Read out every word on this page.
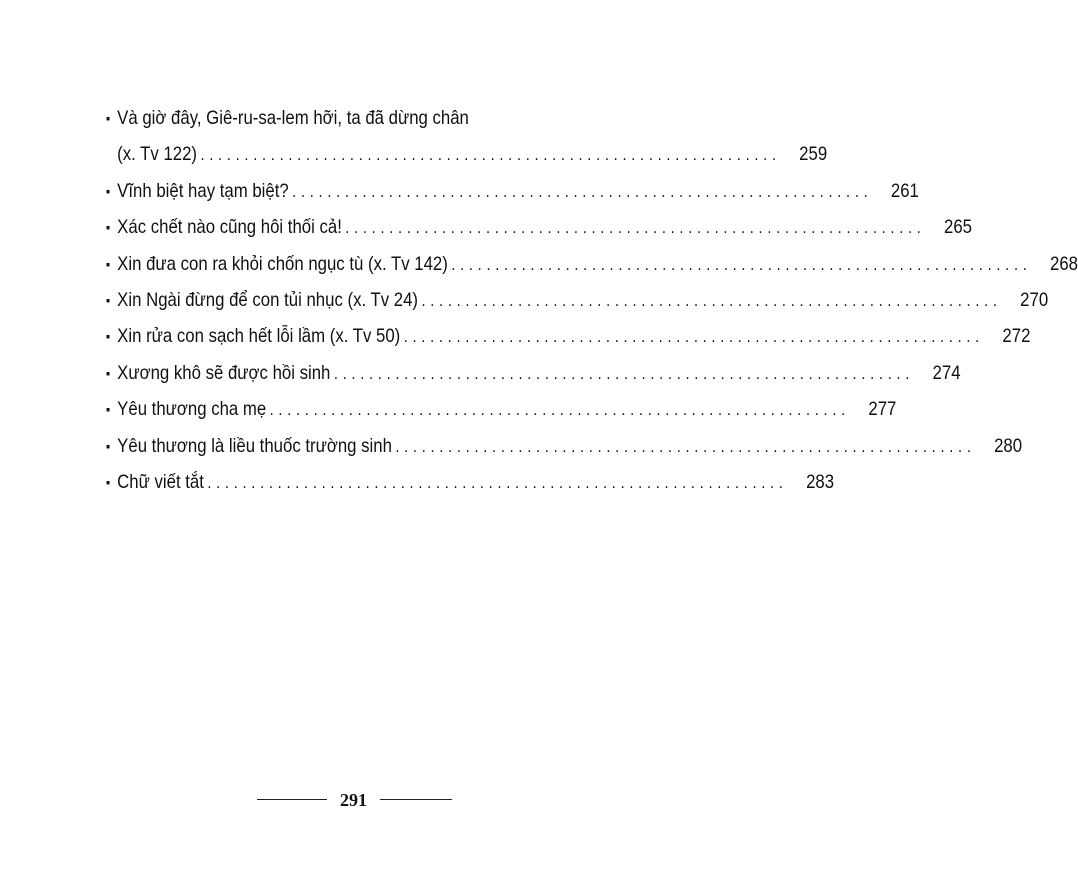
▪ Và giờ đây, Giê-ru-sa-lem hỡi, ta đã dừng chân
(x. Tv 122) .................................................................. 259
▪ Vĩnh biệt hay tạm biệt? .................................................................. 261
▪ Xác chết nào cũng hôi thối cả! .................................................................. 265
▪ Xin đưa con ra khỏi chốn ngục tù (x. Tv 142) .................................................................. 268
▪ Xin Ngài đừng để con tủi nhục (x. Tv 24) .................................................................. 270
▪ Xin rửa con sạch hết lỗi lầm (x. Tv 50) .................................................................. 272
▪ Xương khô sẽ được hồi sinh .................................................................. 274
▪ Yêu thương cha mẹ .................................................................. 277
▪ Yêu thương là liều thuốc trường sinh .................................................................. 280
▪ Chữ viết tắt .................................................................. 283
291
